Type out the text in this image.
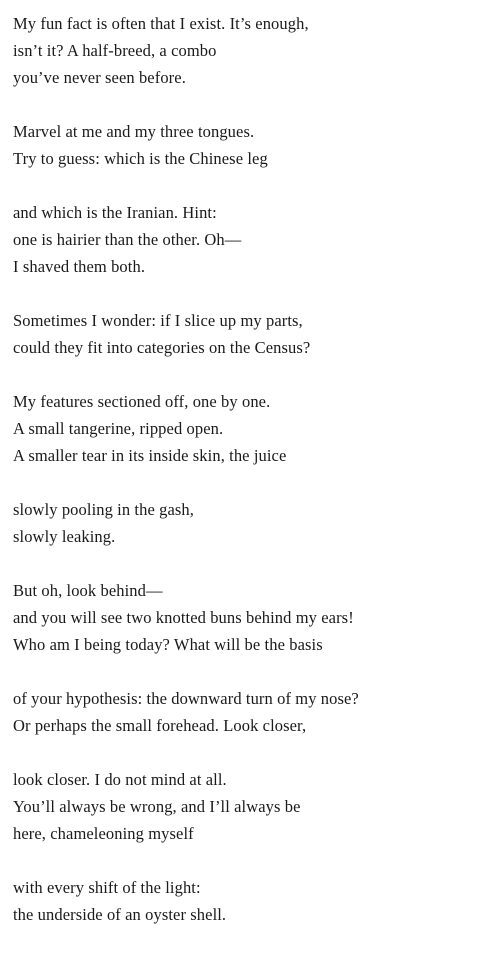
My fun fact is often that I exist. It’s enough,
isn’t it? A half-breed, a combo
you’ve never seen before.
Marvel at me and my three tongues.
Try to guess: which is the Chinese leg
and which is the Iranian. Hint:
one is hairier than the other. Oh—
I shaved them both.
Sometimes I wonder: if I slice up my parts,
could they fit into categories on the Census?
My features sectioned off, one by one.
A small tangerine, ripped open.
A smaller tear in its inside skin, the juice
slowly pooling in the gash,
slowly leaking.
But oh, look behind—
and you will see two knotted buns behind my ears!
Who am I being today? What will be the basis
of your hypothesis: the downward turn of my nose?
Or perhaps the small forehead. Look closer,
look closer. I do not mind at all.
You’ll always be wrong, and I’ll always be
here, chameleoning myself
with every shift of the light:
the underside of an oyster shell.
